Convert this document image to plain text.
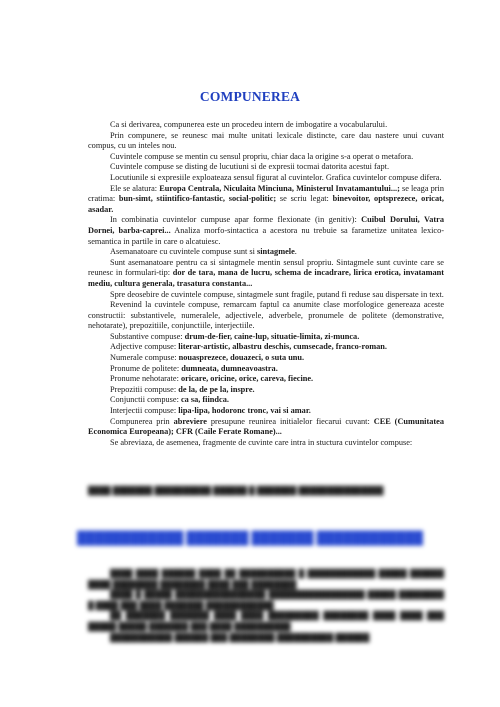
COMPUNEREA

Ca si derivarea, compunerea este un procedeu intern de imbogatire a vocabularului.

Prin compunere, se reunesc mai multe unitati lexicale distincte, care dau nastere unui cuvant compus, cu un inteles nou.

Cuvintele compuse se mentin cu sensul propriu, chiar daca la origine s-a operat o metafora.

Cuvintele compuse se disting de lucutiuni si de expresii tocmai datorita acestui fapt.

Locutiunile si expresiile exploateaza sensul figurat al cuvintelor. Grafica cuvintelor compuse difera.

Ele se alatura: Europa Centrala, Niculaita Minciuna, Ministerul Invatamantului...; se leaga prin cratima: bun-simt, stiintifico-fantastic, social-politic; se scriu legat: binevoitor, optsprezece, oricat, asadar.

In combinatia cuvintelor cumpuse apar forme flexionate (in genitiv): Cuibul Dorului, Vatra Dornei, barba-caprei... Analiza morfo-sintactica a acestora nu trebuie sa farametize unitatea lexico-semantica in partile in care o alcatuiesc.

Asemanatoare cu cuvintele compuse sunt si sintagmele.

Sunt asemanatoare pentru ca si sintagmele mentin sensul propriu. Sintagmele sunt cuvinte care se reunesc in formulari-tip: dor de tara, mana de lucru, schema de incadrare, lirica erotica, invatamant mediu, cultura generala, trasatura constanta...

Spre deosebire de cuvintele compuse, sintagmele sunt fragile, putand fi reduse sau dispersate in text.

Revenind la cuvintele compuse, remarcam faptul ca anumite clase morfologice genereaza aceste constructii: substantivele, numeralele, adjectivele, adverbele, pronumele de politete (demonstrative, nehotarate), prepozitiile, conjunctiile, interjectiile.

Substantive compuse: drum-de-fier, caine-lup, situatie-limita, zi-munca.

Adjective compuse: literar-artistic, albastru deschis, cumsecade, franco-roman.

Numerale compuse: nouasprezece, douazeci, o suta unu.

Pronume de politete: dumneata, dumneavoastra.

Pronume nehotarate: oricare, oricine, orice, careva, fiecine.

Prepozitii compuse: de la, de pe la, inspre.

Conjunctii compuse: ca sa, fiindca.

Interjectii compuse: lipa-lipa, hodoronc tronc, vai si amar.

Compunerea prin abreviere presupune reunirea initialelor fiecarui cuvant: CEE (Cumunitatea Economica Europeana); CFR (Caile Ferate Romane)...

Se abreviaza, de asemenea, fragmente de cuvinte care intra in stuctura cuvintelor compuse:

████ ███████ ██████████ ██████ █ ███████ ███████████████
████████████ ███████ ███████ ████████████

████ ████ ██████ ████ ██ ██████████ █ ████████████ █████ ██████ ████ ████████ ████████ ████ ███ ████████

████ █ █████ ████████████████ █████████████████ █████ ████████ █ ████ ███ ████ ███████ ████████████

██ ███████ ███████ ████ ████ █████████ ████████ ████ ████ ███ █████ █████ ███████ ███ ████ ██████████

███████████ ██████ ███ ████████ ██████████ ██████
